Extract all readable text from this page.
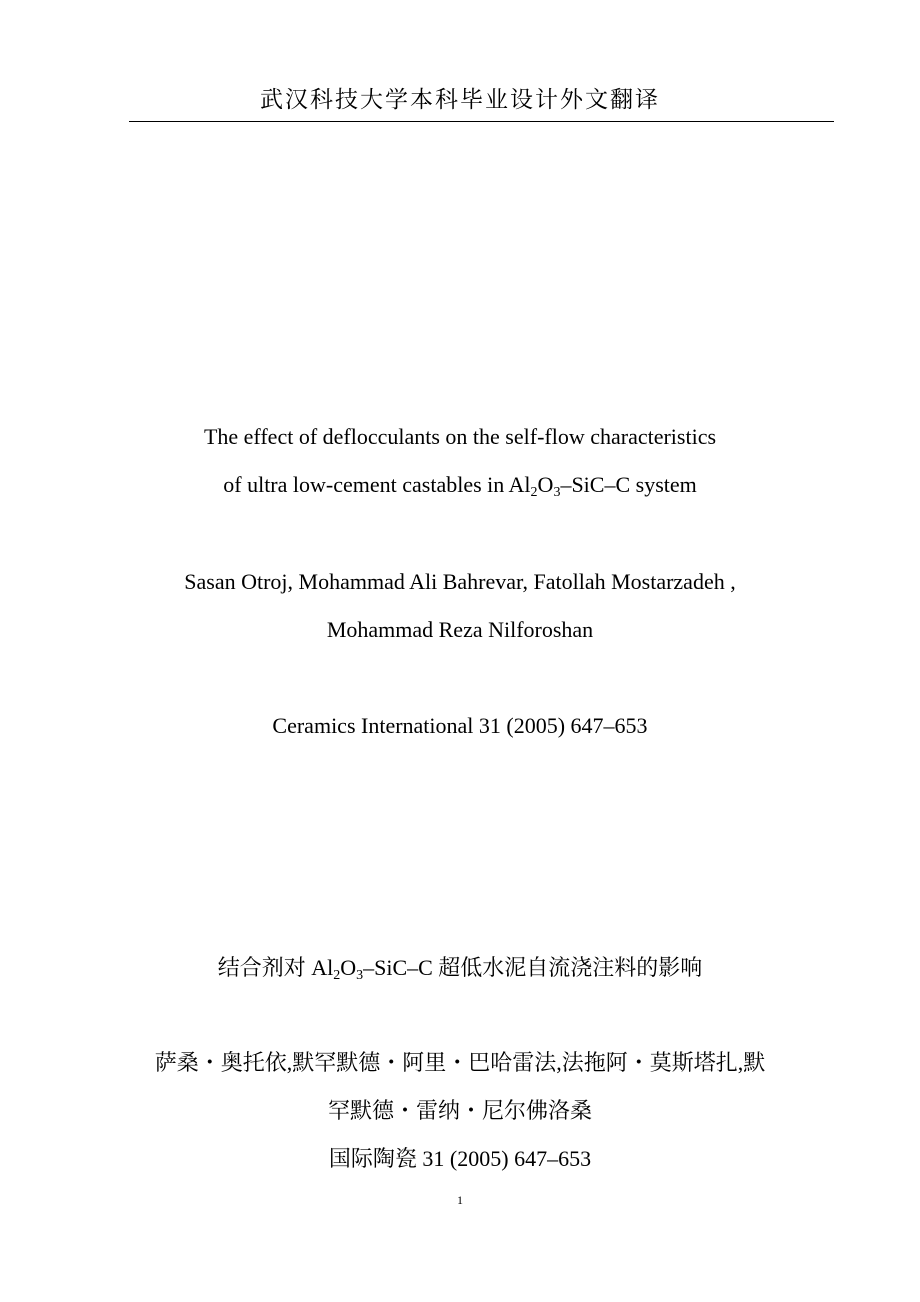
武汉科技大学本科毕业设计外文翻译
The effect of deflocculants on the self-flow characteristics
of ultra low-cement castables in $Al_2O_3-SiC-C$ system
Sasan Otroj, Mohammad Ali Bahrevar, Fatollah Mostarzadeh ,
Mohammad Reza Nilforoshan
Ceramics International 31 (2005) 647–653
结合剂对 $Al_2O_3-SiC-C$ 超低水泥自流浇注料的影响
萨桑・奥托依,默罕默德・阿里・巴哈雷法,法拖阿・莫斯塔扎,默
罕默德・雷纳・尼尔佛洛桑
国际陶瓷 31 (2005) 647–653
1
